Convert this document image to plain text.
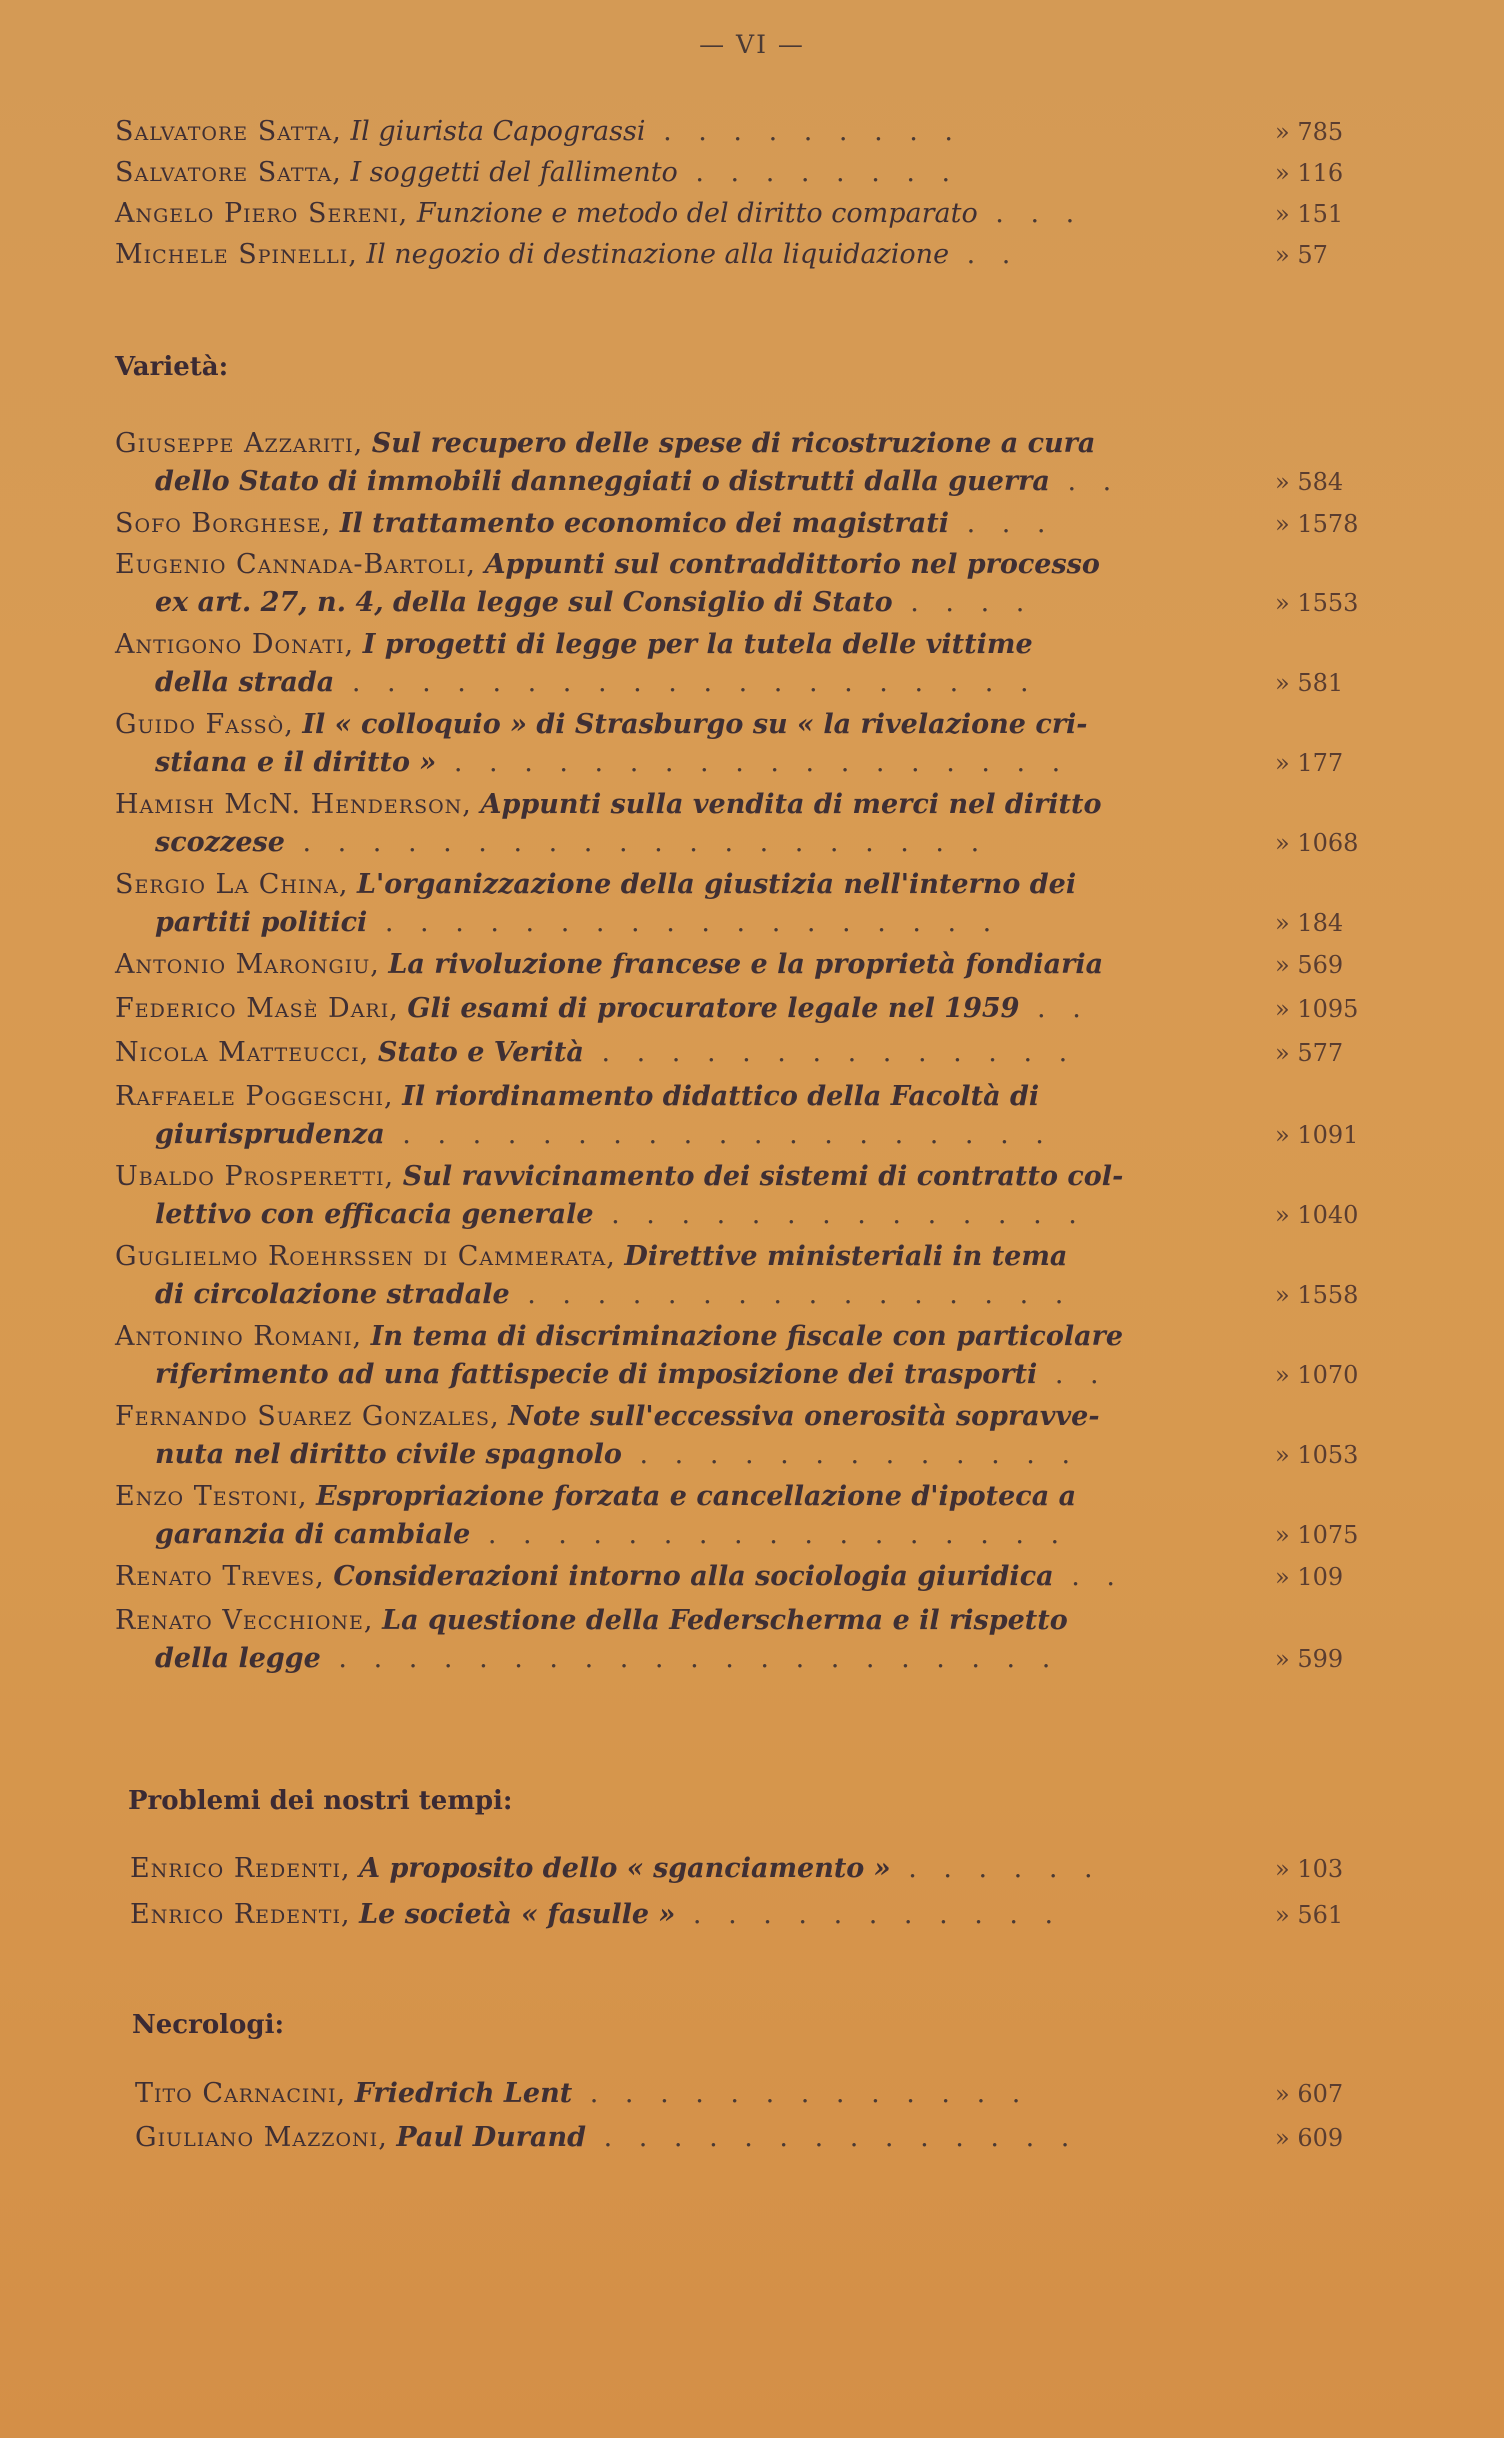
— VI —
Salvatore Satta, Il giurista Capograssi . . . . . . . . .	» 785
Salvatore Satta, I soggetti del fallimento . . . . . . . .	» 116
Angelo Piero Sereni, Funzione e metodo del diritto comparato . . .	» 151
Michele Spinelli, Il negozio di destinazione alla liquidazione . .	» 57
Varietà:
Giuseppe Azzariti, Sul recupero delle spese di ricostruzione a cura
dello Stato di immobili danneggiati o distrutti dalla guerra . .	» 584
Sofo Borghese, Il trattamento economico dei magistrati . . .	» 1578
Eugenio Cannada-Bartoli, Appunti sul contraddittorio nel processo
ex art. 27, n. 4, della legge sul Consiglio di Stato . . . .	» 1553
Antigono Donati, I progetti di legge per la tutela delle vittime
della strada . . . . . . . . . . . . . . . . . . . .	» 581
Guido Fassò, Il « colloquio » di Strasburgo su « la rivelazione cri-
stiana e il diritto » . . . . . . . . . . . . . . . . . .	» 177
Hamish McN. Henderson, Appunti sulla vendita di merci nel diritto
scozzese . . . . . . . . . . . . . . . . . . . .	» 1068
Sergio La China, L'organizzazione della giustizia nell'interno dei
partiti politici . . . . . . . . . . . . . . . . . .	» 184
Antonio Marongiu, La rivoluzione francese e la proprietà fondiaria	» 569
Federico Masè Dari, Gli esami di procuratore legale nel 1959 . .	» 1095
Nicola Matteucci, Stato e Verità . . . . . . . . . . . . . .	» 577
Raffaele Poggeschi, Il riordinamento didattico della Facoltà di
giurisprudenza . . . . . . . . . . . . . . . . . . .	» 1091
Ubaldo Prosperetti, Sul ravvicinamento dei sistemi di contratto col-
lettivo con efficacia generale . . . . . . . . . . . . . .	» 1040
Guglielmo Roehrssen di Cammerata, Direttive ministeriali in tema
di circolazione stradale . . . . . . . . . . . . . . . .	» 1558
Antonino Romani, In tema di discriminazione fiscale con particolare
riferimento ad una fattispecie di imposizione dei trasporti . .	» 1070
Fernando Suarez Gonzales, Note sull'eccessiva onerosità sopravve-
nuta nel diritto civile spagnolo . . . . . . . . . . . . .	» 1053
Enzo Testoni, Espropriazione forzata e cancellazione d'ipoteca a
garanzia di cambiale . . . . . . . . . . . . . . . . .	» 1075
Renato Treves, Considerazioni intorno alla sociologia giuridica . .	» 109
Renato Vecchione, La questione della Federscherma e il rispetto
della legge . . . . . . . . . . . . . . . . . . . . .	» 599
Problemi dei nostri tempi:
Enrico Redenti, A proposito dello « sganciamento » . . . . . .	» 103
Enrico Redenti, Le società « fasulle » . . . . . . . . . . .	» 561
Necrologi:
Tito Carnacini, Friedrich Lent . . . . . . . . . . . . .	» 607
Giuliano Mazzoni, Paul Durand . . . . . . . . . . . . . .	» 609
